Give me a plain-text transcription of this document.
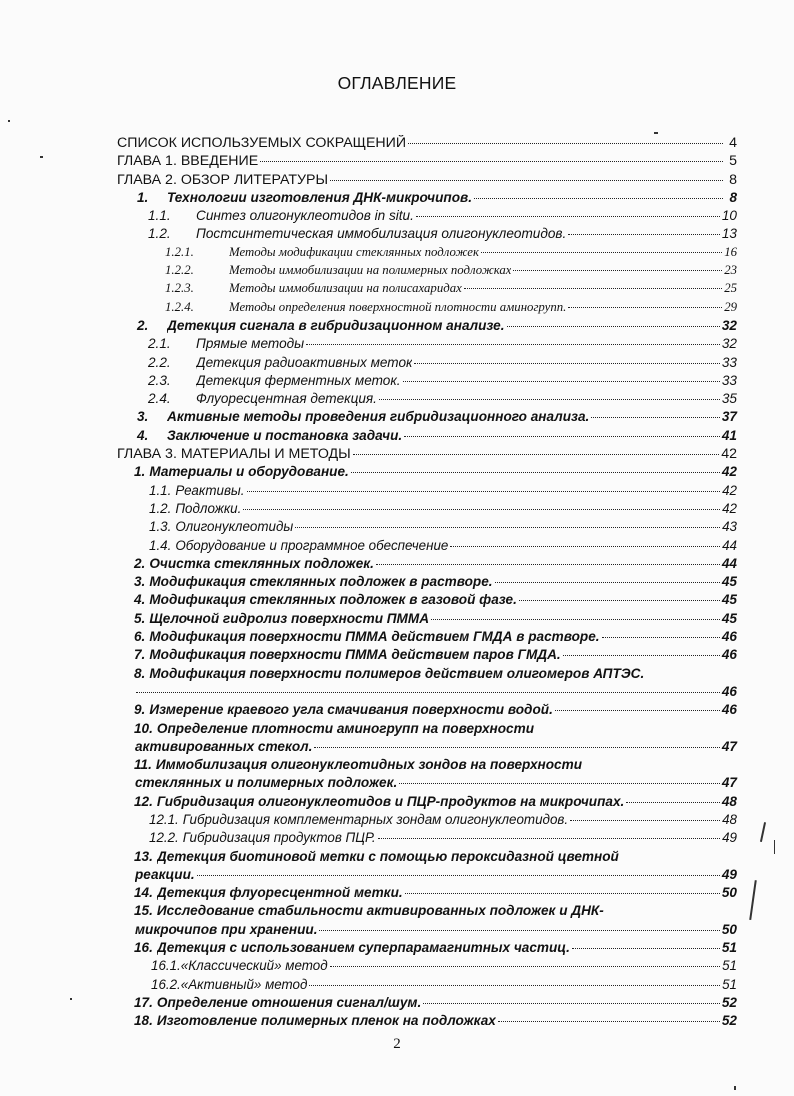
ОГЛАВЛЕНИЕ
СПИСОК ИСПОЛЬЗУЕМЫХ СОКРАЩЕНИЙ	4
ГЛАВА 1. ВВЕДЕНИЕ	5
ГЛАВА 2. ОБЗОР ЛИТЕРАТУРЫ	8
1.	Технологии изготовления ДНК-микрочипов.	8
1.1.	Синтез олигонуклеотидов in situ.	10
1.2.	Постсинтетическая иммобилизация олигонуклеотидов.	13
1.2.1.	Методы модификации стеклянных подложек	16
1.2.2.	Методы иммобилизации на полимерных подложках	23
1.2.3.	Методы иммобилизации на полисахаридах	25
1.2.4.	Методы определения поверхностной плотности аминогрупп.	29
2.	Детекция сигнала в гибридизационном анализе.	32
2.1.	Прямые методы	32
2.2.	Детекция радиоактивных меток	33
2.3.	Детекция ферментных меток.	33
2.4.	Флуоресцентная детекция.	35
3.	Активные методы проведения гибридизационного анализа.	37
4.	Заключение и постановка задачи.	41
ГЛАВА 3. МАТЕРИАЛЫ И МЕТОДЫ	42
1. Материалы и оборудование.	42
1.1. Реактивы.	42
1.2. Подложки.	42
1.3. Олигонуклеотиды	43
1.4. Оборудование и программное обеспечение	44
2. Очистка стеклянных подложек.	44
3. Модификация стеклянных подложек в растворе.	45
4. Модификация стеклянных подложек в газовой фазе.	45
5. Щелочной гидролиз поверхности ПММА	45
6. Модификация поверхности ПММА действием ГМДА в растворе.	46
7. Модификация поверхности ПММА действием паров ГМДА.	46
8. Модификация поверхности полимеров действием олигомеров АПТЭС.
46
9. Измерение краевого угла смачивания поверхности водой.	46
10. Определение плотности аминогрупп на поверхности
активированных стекол.	47
11. Иммобилизация олигонуклеотидных зондов на поверхности
стеклянных и полимерных подложек.	47
12. Гибридизация олигонуклеотидов и ПЦР-продуктов на микрочипах.	48
12.1. Гибридизация комплементарных зондам олигонуклеотидов.	48
12.2. Гибридизация продуктов ПЦР.	49
13. Детекция биотиновой метки с помощью пероксидазной цветной
реакции.	49
14. Детекция флуоресцентной метки.	50
15. Исследование стабильности активированных подложек и ДНК-
микрочипов при хранении.	50
16. Детекция с использованием суперпарамагнитных частиц.	51
16.1. «Классический» метод	51
16.2. «Активный» метод	51
17. Определение отношения сигнал/шум.	52
18. Изготовление полимерных пленок на подложках	52
2
